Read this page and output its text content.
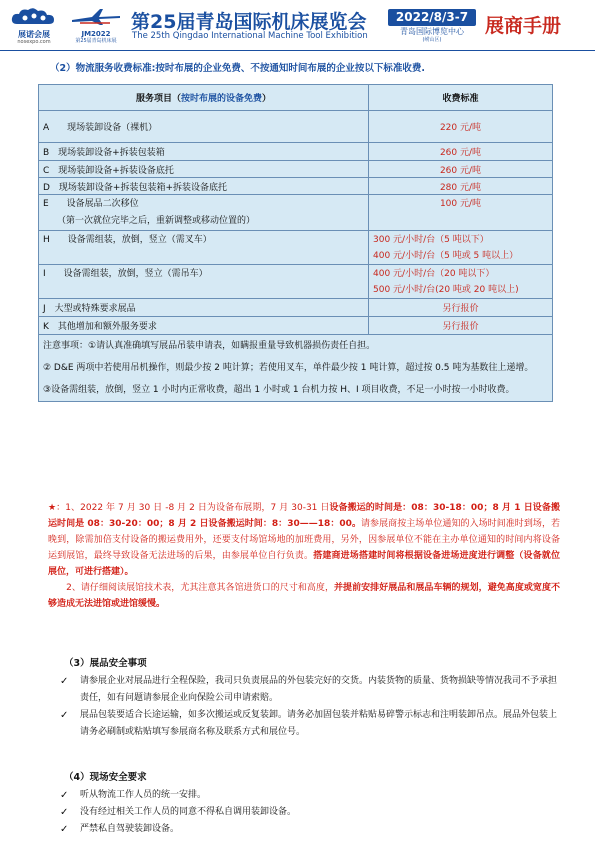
展诺会展
nosexpo.com
JM2022
第25届青岛机床展
第25届青岛国际机床展览会
The 25th Qingdao International Machine Tool Exhibition
2022/8/3-7
青岛国际博览中心
(崂山区)
展商手册
（2）物流服务收费标准:按时布展的企业免费、不按通知时间布展的企业按以下标准收费.
服务项目（按时布展的设备免费）	收费标准
A　　现场装卸设备（裸机）	220 元/吨
B　现场装卸设备+拆装包装箱	260 元/吨
C　现场装卸设备+拆装设备底托	260 元/吨
D　现场装卸设备+拆装包装箱+拆装设备底托	280 元/吨

E　　设备展品二次移位
（第一次就位完毕之后，重新调整或移动位置的）	100 元/吨
H　　设备需组装，放倒，竖立（需叉车）	300 元/小时/台（5 吨以下）
400 元/小时/台（5 吨或 5 吨以上）

I　　设备需组装，放倒，竖立（需吊车）	400 元/小时/台（20 吨以下）
500 元/小时/台(20 吨或 20 吨以上)

J　大型或特殊要求展品	另行报价
K　其他增加和额外服务要求	另行报价

注意事项：①请认真准确填写展品吊装申请表，如瞒报重量导致机器损伤责任自担。
② D&E 两项中若使用吊机操作，则最少按 2 吨计算；若使用叉车，单件最少按 1 吨计算，超过按 0.5 吨为基数往上递增。
③设备需组装，放倒，竖立 1 小时内正常收费，超出 1 小时或 1 台机力按 H、I 项目收费，不足一小时按一小时收费。	

★：1、2022 年 7 月 30 日 -8 月 2 日为设备布展期，7 月 30-31 日设备搬运的时间是：08：30-18：00；8 月 1 日设备搬运时间是 08：30-20：00；8 月 2 日设备搬运时间：8：30——18：00。请参展商按主场单位通知的入场时间准时到场，若晚到，除需加倍支付设备的搬运费用外，还要支付场馆场地的加班费用，另外，因参展单位不能在主办单位通知的时间内将设备运到展馆，最终导致设备无法进场的后果，由参展单位自行负责。搭建商进场搭建时间将根据设备进场进度进行调整（设备就位展位，可进行搭建）。

　　2、请仔细阅读展馆技术表，尤其注意其各馆进货口的尺寸和高度，并提前安排好展品和展品车辆的规划，避免高度或宽度不够造成无法进馆或进馆缓慢。

（3）展品安全事项
✓ 请参展企业对展品进行全程保险，我司只负责展品的外包装完好的交货。内装货物的质量、货物损缺等情况我司不予承担责任，如有问题请参展企业向保险公司申请索赔。
✓ 展品包装要适合长途运输，如多次搬运或反复装卸。请务必加固包装并粘贴易碎警示标志和注明装卸吊点。展品外包装上请务必刷制或粘贴填写参展商名称及联系方式和展位号。
（4）现场安全要求
✓ 听从物流工作人员的统一安排。
✓ 没有经过相关工作人员的同意不得私自调用装卸设备。
✓ 严禁私自驾驶装卸设备。
